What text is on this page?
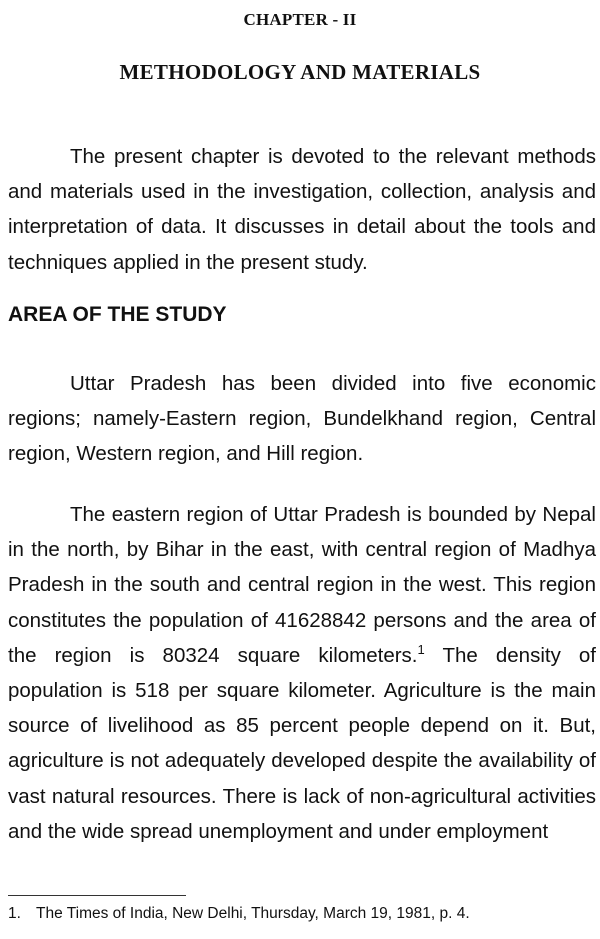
CHAPTER - II
METHODOLOGY AND MATERIALS

The present chapter is devoted to the relevant methods and materials used in the investigation, collection, analysis and interpretation of data. It discusses in detail about the tools and techniques applied in the present study.

AREA OF THE STUDY

Uttar Pradesh has been divided into five economic regions; namely-Eastern region, Bundelkhand region, Central region, Western region, and Hill region.

The eastern region of Uttar Pradesh is bounded by Nepal in the north, by Bihar in the east, with central region of Madhya Pradesh in the south and central region in the west. This region constitutes the population of 41628842 persons and the area of the region is 80324 square kilometers.$^1$ The density of population is 518 per square kilometer. Agriculture is the main source of livelihood as 85 percent people depend on it. But, agriculture is not adequately developed despite the availability of vast natural resources. There is lack of non-agricultural activities and the wide spread unemployment and under employment

1. The Times of India, New Delhi, Thursday, March 19, 1981, p. 4.
